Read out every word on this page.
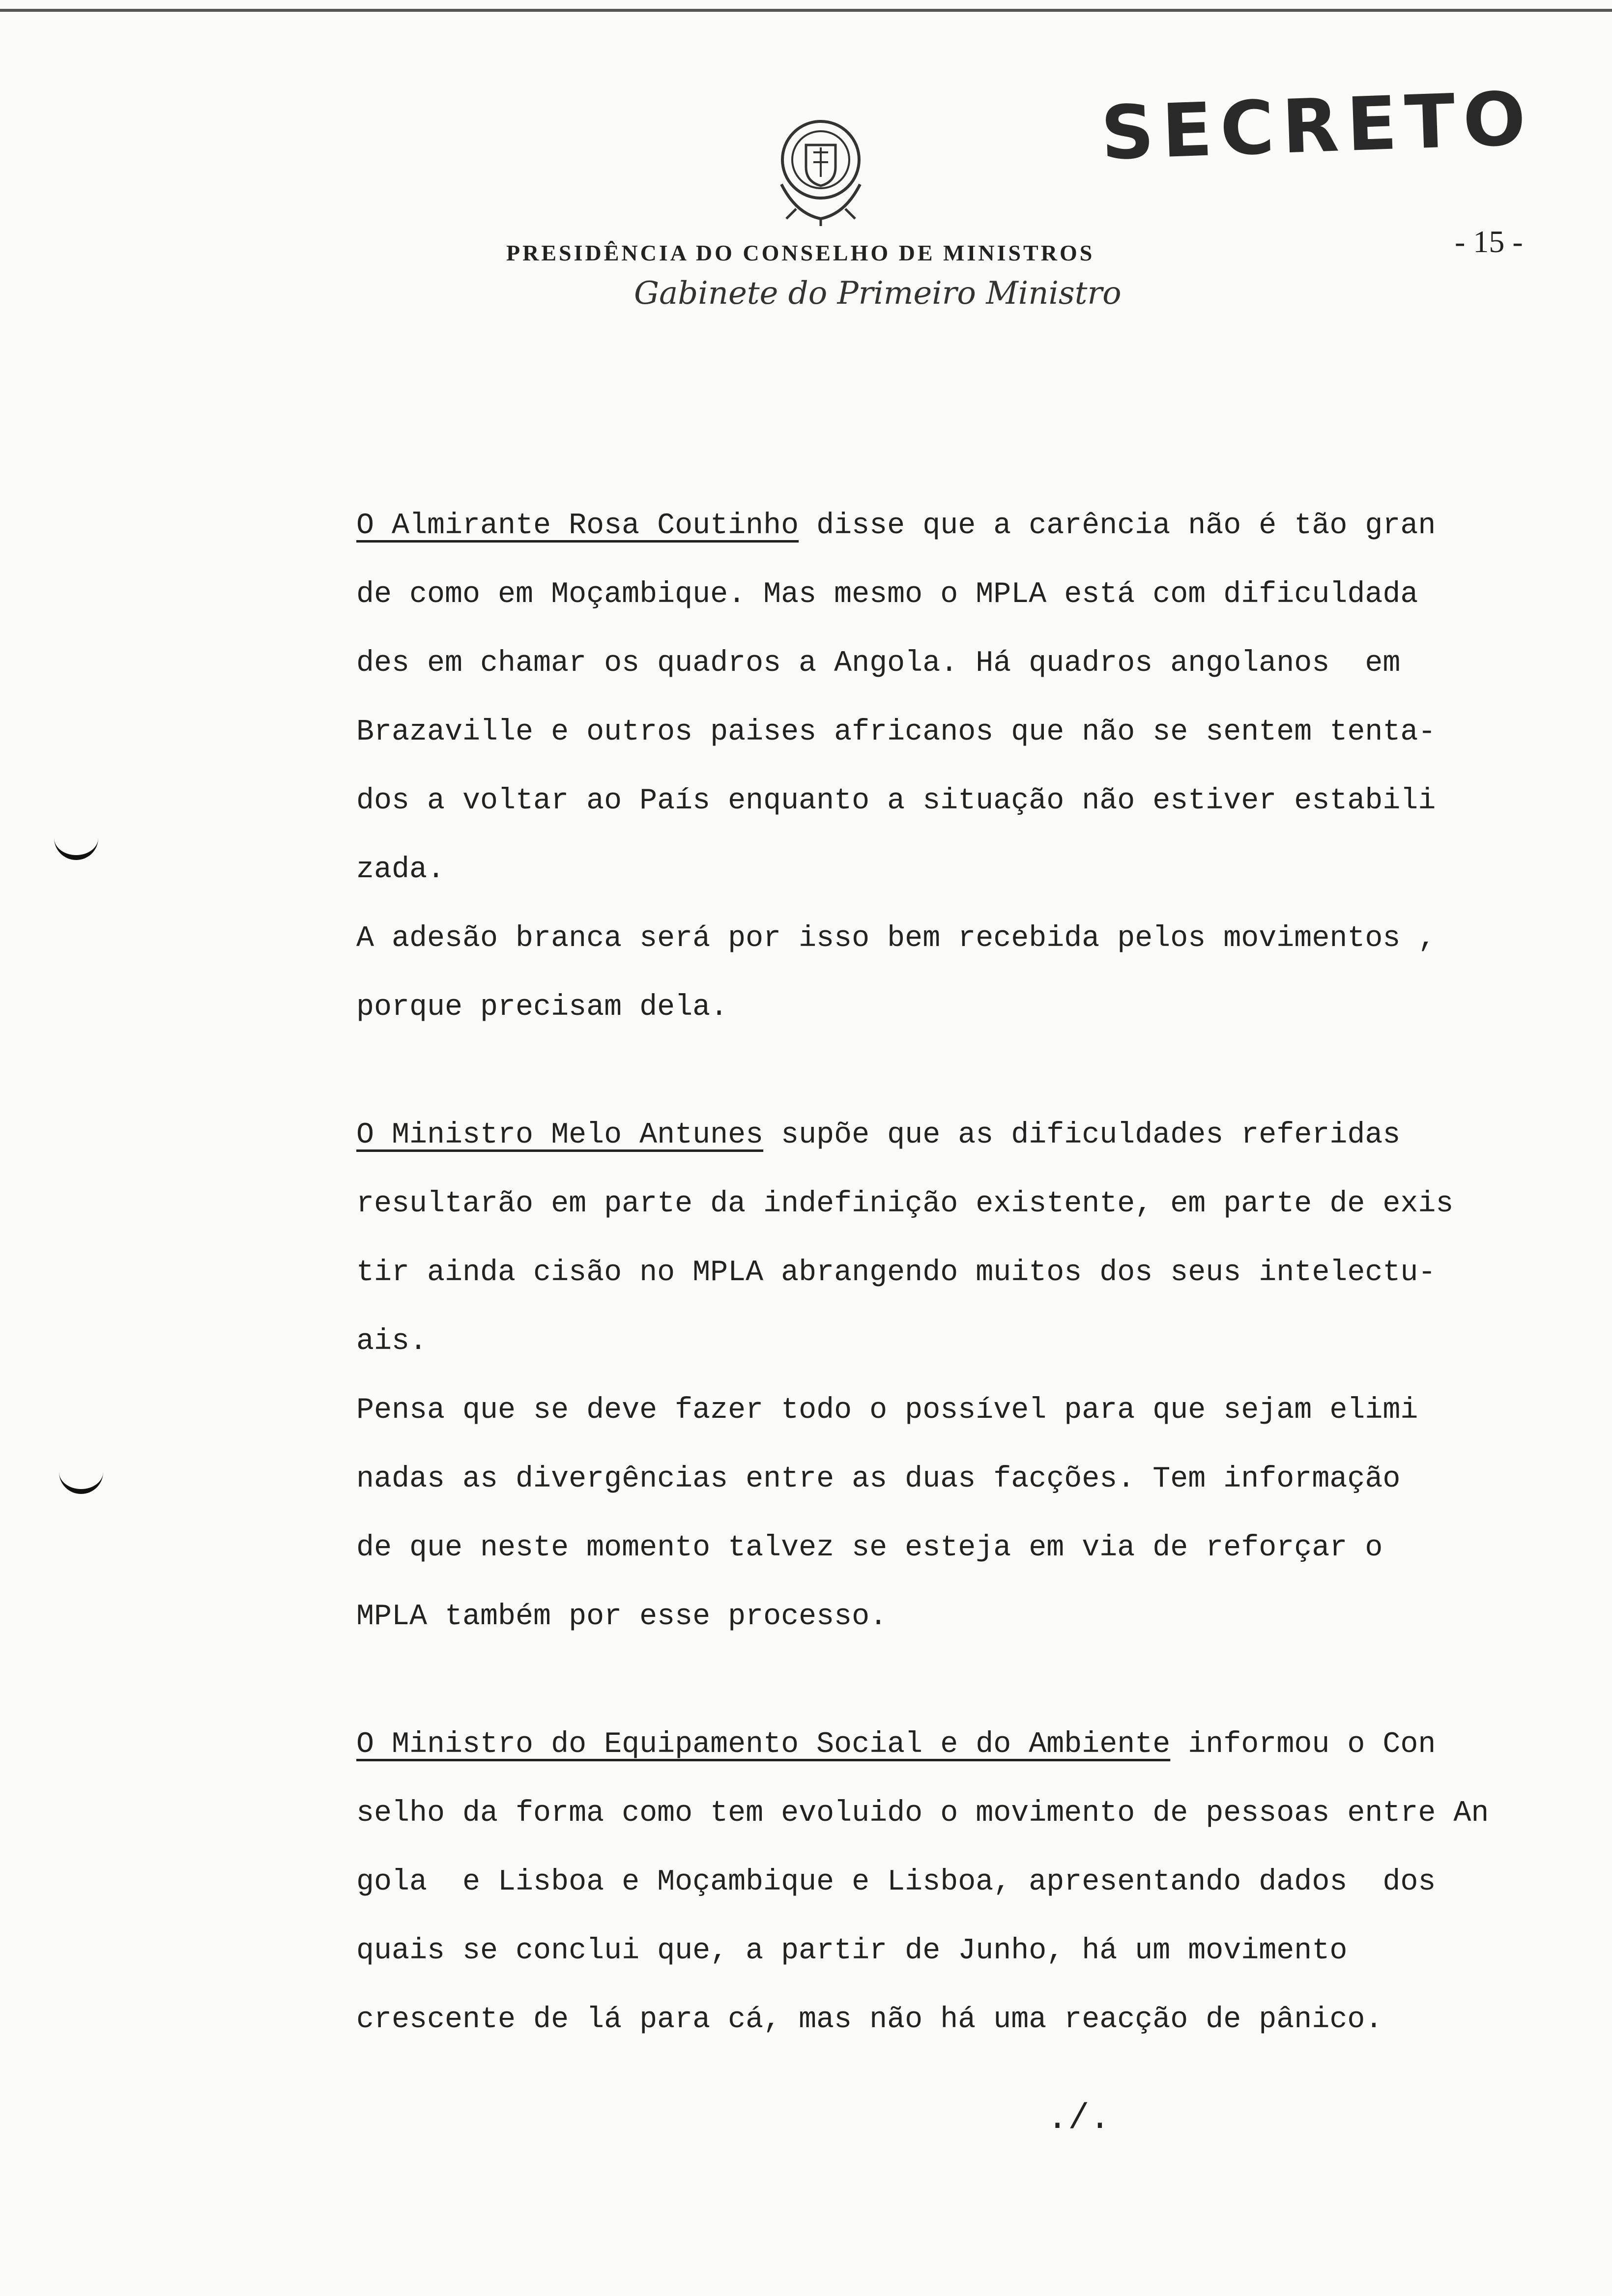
SECRETO
- 15 -
PRESIDÊNCIA DO CONSELHO DE MINISTROS
Gabinete do Primeiro Ministro
O Almirante Rosa Coutinho disse que a carência não é tão gran
de como em Moçambique. Mas mesmo o MPLA está com dificuldada
des em chamar os quadros a Angola. Há quadros angolanos  em
Brazaville e outros paises africanos que não se sentem tenta-
dos a voltar ao País enquanto a situação não estiver estabili
zada.
A adesão branca será por isso bem recebida pelos movimentos ,
porque precisam dela.
O Ministro Melo Antunes supõe que as dificuldades referidas
resultarão em parte da indefinição existente, em parte de exis
tir ainda cisão no MPLA abrangendo muitos dos seus intelectu-
ais.
Pensa que se deve fazer todo o possível para que sejam elimi
nadas as divergências entre as duas facções. Tem informação
de que neste momento talvez se esteja em via de reforçar o
MPLA também por esse processo.
O Ministro do Equipamento Social e do Ambiente informou o Con
selho da forma como tem evoluido o movimento de pessoas entre An
gola  e Lisboa e Moçambique e Lisboa, apresentando dados  dos
quais se conclui que, a partir de Junho, há um movimento
crescente de lá para cá, mas não há uma reacção de pânico.
./.
